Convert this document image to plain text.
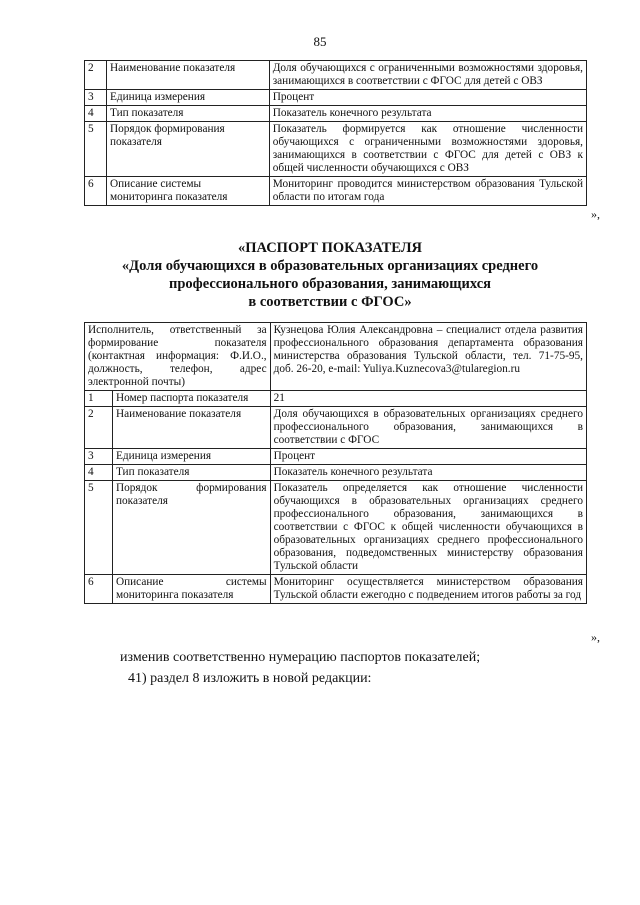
85
2	Наименование показателя	Доля обучающихся с ограниченными возможностями здоровья, занимающихся в соответствии с ФГОС для детей с ОВЗ
3	Единица измерения	Процент
4	Тип показателя	Показатель конечного результата
5	Порядок формирования показателя	Показатель формируется как отношение численности обучающихся с ограниченными возможностями здоровья, занимающихся в соответствии с ФГОС для детей с ОВЗ к общей численности обучающихся с ОВЗ
6	Описание системы мониторинга показателя	Мониторинг проводится министерством образования Тульской области по итогам года
»,
«ПАСПОРТ ПОКАЗАТЕЛЯ
«Доля обучающихся в образовательных организациях среднего
профессионального образования, занимающихся
в соответствии с ФГОС»
Исполнитель, ответственный за формирование показателя (контактная информация: Ф.И.О., должность, телефон, адрес электронной почты)		Кузнецова Юлия Александровна – специалист отдела развития профессионального образования департамента образования министерства образования Тульской области, тел. 71-75-95, доб. 26-20, e-mail: Yuliya.Kuznecova3@tularegion.ru
1	Номер паспорта показателя	21
2	Наименование показателя	Доля обучающихся в образовательных организациях среднего профессионального образования, занимающихся в соответствии с ФГОС
3	Единица измерения	Процент
4	Тип показателя	Показатель конечного результата
5	Порядок формирования показателя	Показатель определяется как отношение численности обучающихся в образовательных организациях среднего профессионального образования, занимающихся в соответствии с ФГОС к общей численности обучающихся в образовательных организациях среднего профессионального образования, подведомственных министерству образования Тульской области
6	Описание системы мониторинга показателя	Мониторинг осуществляется министерством образования Тульской области ежегодно с подведением итогов работы за год
»,
изменив соответственно нумерацию паспортов показателей;
41) раздел 8 изложить в новой редакции:
